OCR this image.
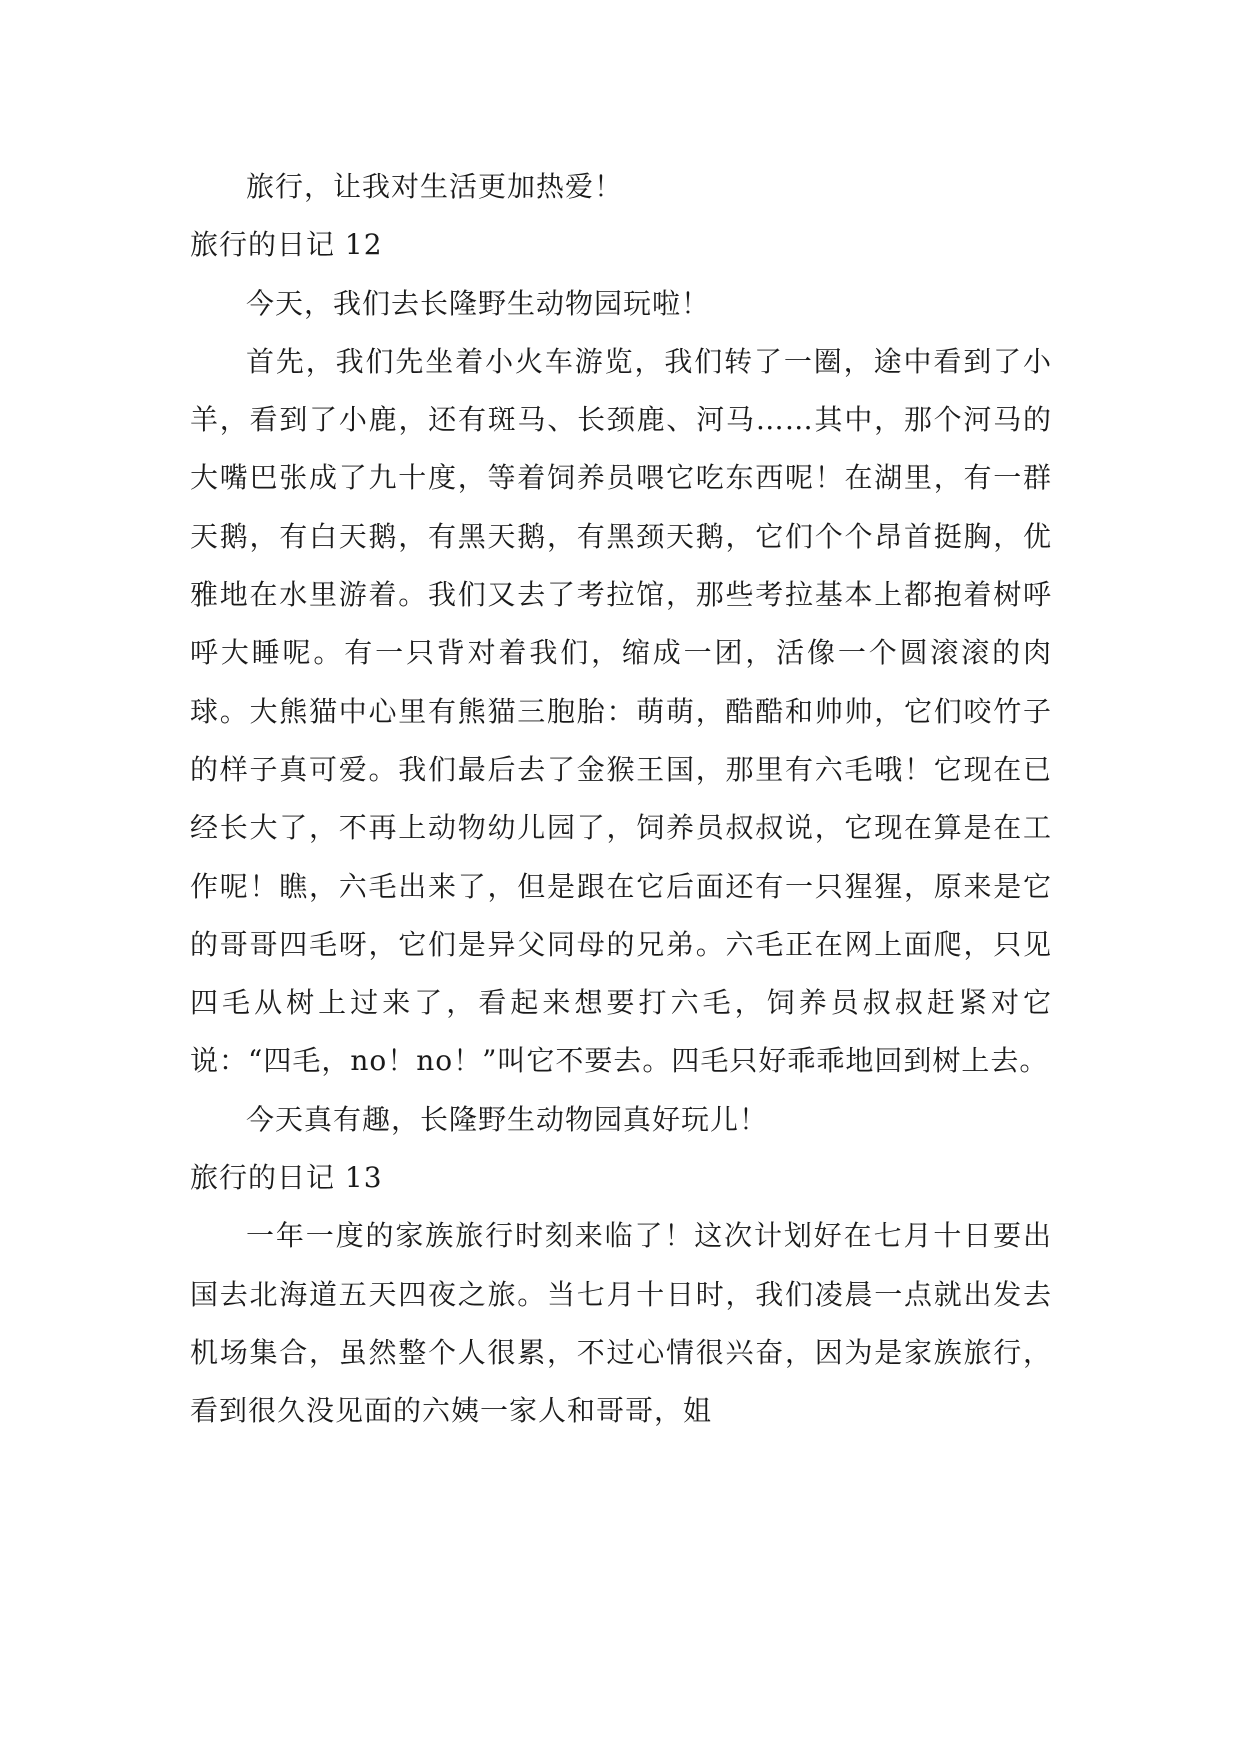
旅行，让我对生活更加热爱！

旅行的日记 12

今天，我们去长隆野生动物园玩啦！

首先，我们先坐着小火车游览，我们转了一圈，途中看到了小羊，看到了小鹿，还有斑马、长颈鹿、河马……其中，那个河马的大嘴巴张成了九十度，等着饲养员喂它吃东西呢！在湖里，有一群天鹅，有白天鹅，有黑天鹅，有黑颈天鹅，它们个个昂首挺胸，优雅地在水里游着。我们又去了考拉馆，那些考拉基本上都抱着树呼呼大睡呢。有一只背对着我们，缩成一团，活像一个圆滚滚的肉球。大熊猫中心里有熊猫三胞胎：萌萌，酷酷和帅帅，它们咬竹子的样子真可爱。我们最后去了金猴王国，那里有六毛哦！它现在已经长大了，不再上动物幼儿园了，饲养员叔叔说，它现在算是在工作呢！瞧，六毛出来了，但是跟在它后面还有一只猩猩，原来是它的哥哥四毛呀，它们是异父同母的兄弟。六毛正在网上面爬，只见四毛从树上过来了，看起来想要打六毛，饲养员叔叔赶紧对它说：“四毛，no！no！”叫它不要去。四毛只好乖乖地回到树上去。

今天真有趣，长隆野生动物园真好玩儿！

旅行的日记 13

一年一度的家族旅行时刻来临了！这次计划好在七月十日要出国去北海道五天四夜之旅。当七月十日时，我们凌晨一点就出发去机场集合，虽然整个人很累，不过心情很兴奋，因为是家族旅行，看到很久没见面的六姨一家人和哥哥，姐
